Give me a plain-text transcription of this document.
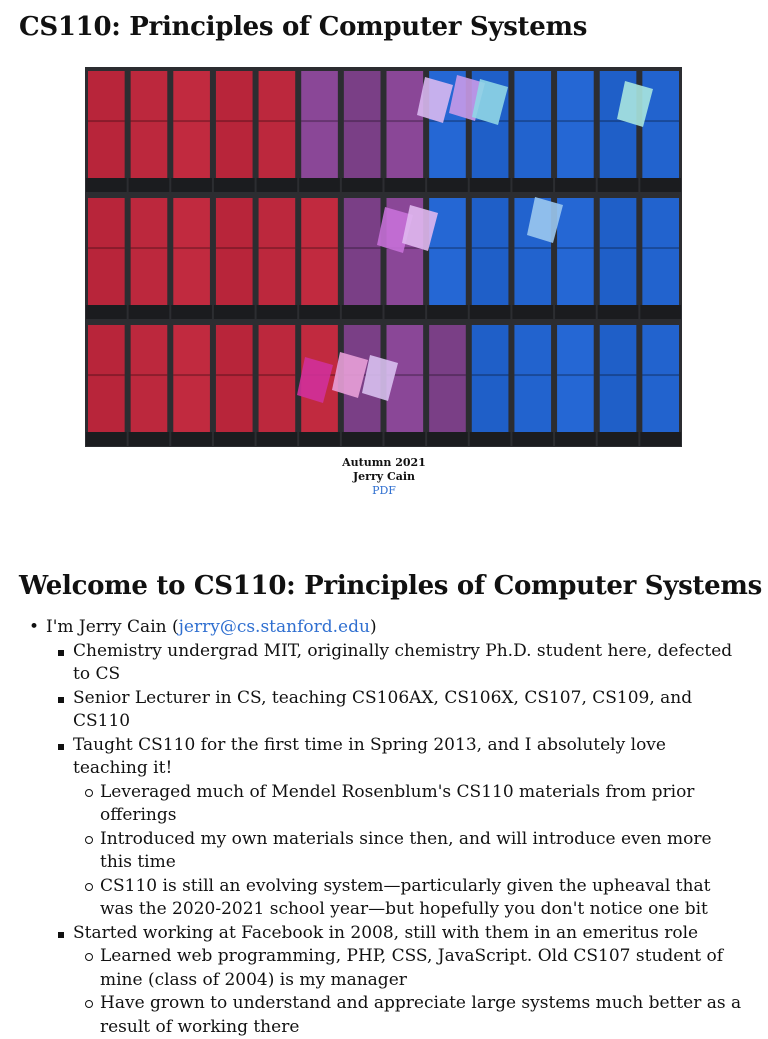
CS110: Principles of Computer Systems
Autumn 2021
Jerry Cain
PDF
Welcome to CS110: Principles of Computer Systems
• I'm Jerry Cain (jerry@cs.stanford.edu)
Chemistry undergrad MIT, originally chemistry Ph.D. student here, defected to CS
Senior Lecturer in CS, teaching CS106AX, CS106X, CS107, CS109, and CS110
Taught CS110 for the first time in Spring 2013, and I absolutely love teaching it!
Leveraged much of Mendel Rosenblum's CS110 materials from prior offerings
Introduced my own materials since then, and will introduce even more this time
CS110 is still an evolving system—particularly given the upheaval that was the 2020-2021 school year—but hopefully you don't notice one bit
Started working at Facebook in 2008, still with them in an emeritus role
Learned web programming, PHP, CSS, JavaScript. Old CS107 student of mine (class of 2004) is my manager
Have grown to understand and appreciate large systems much better as a result of working there
